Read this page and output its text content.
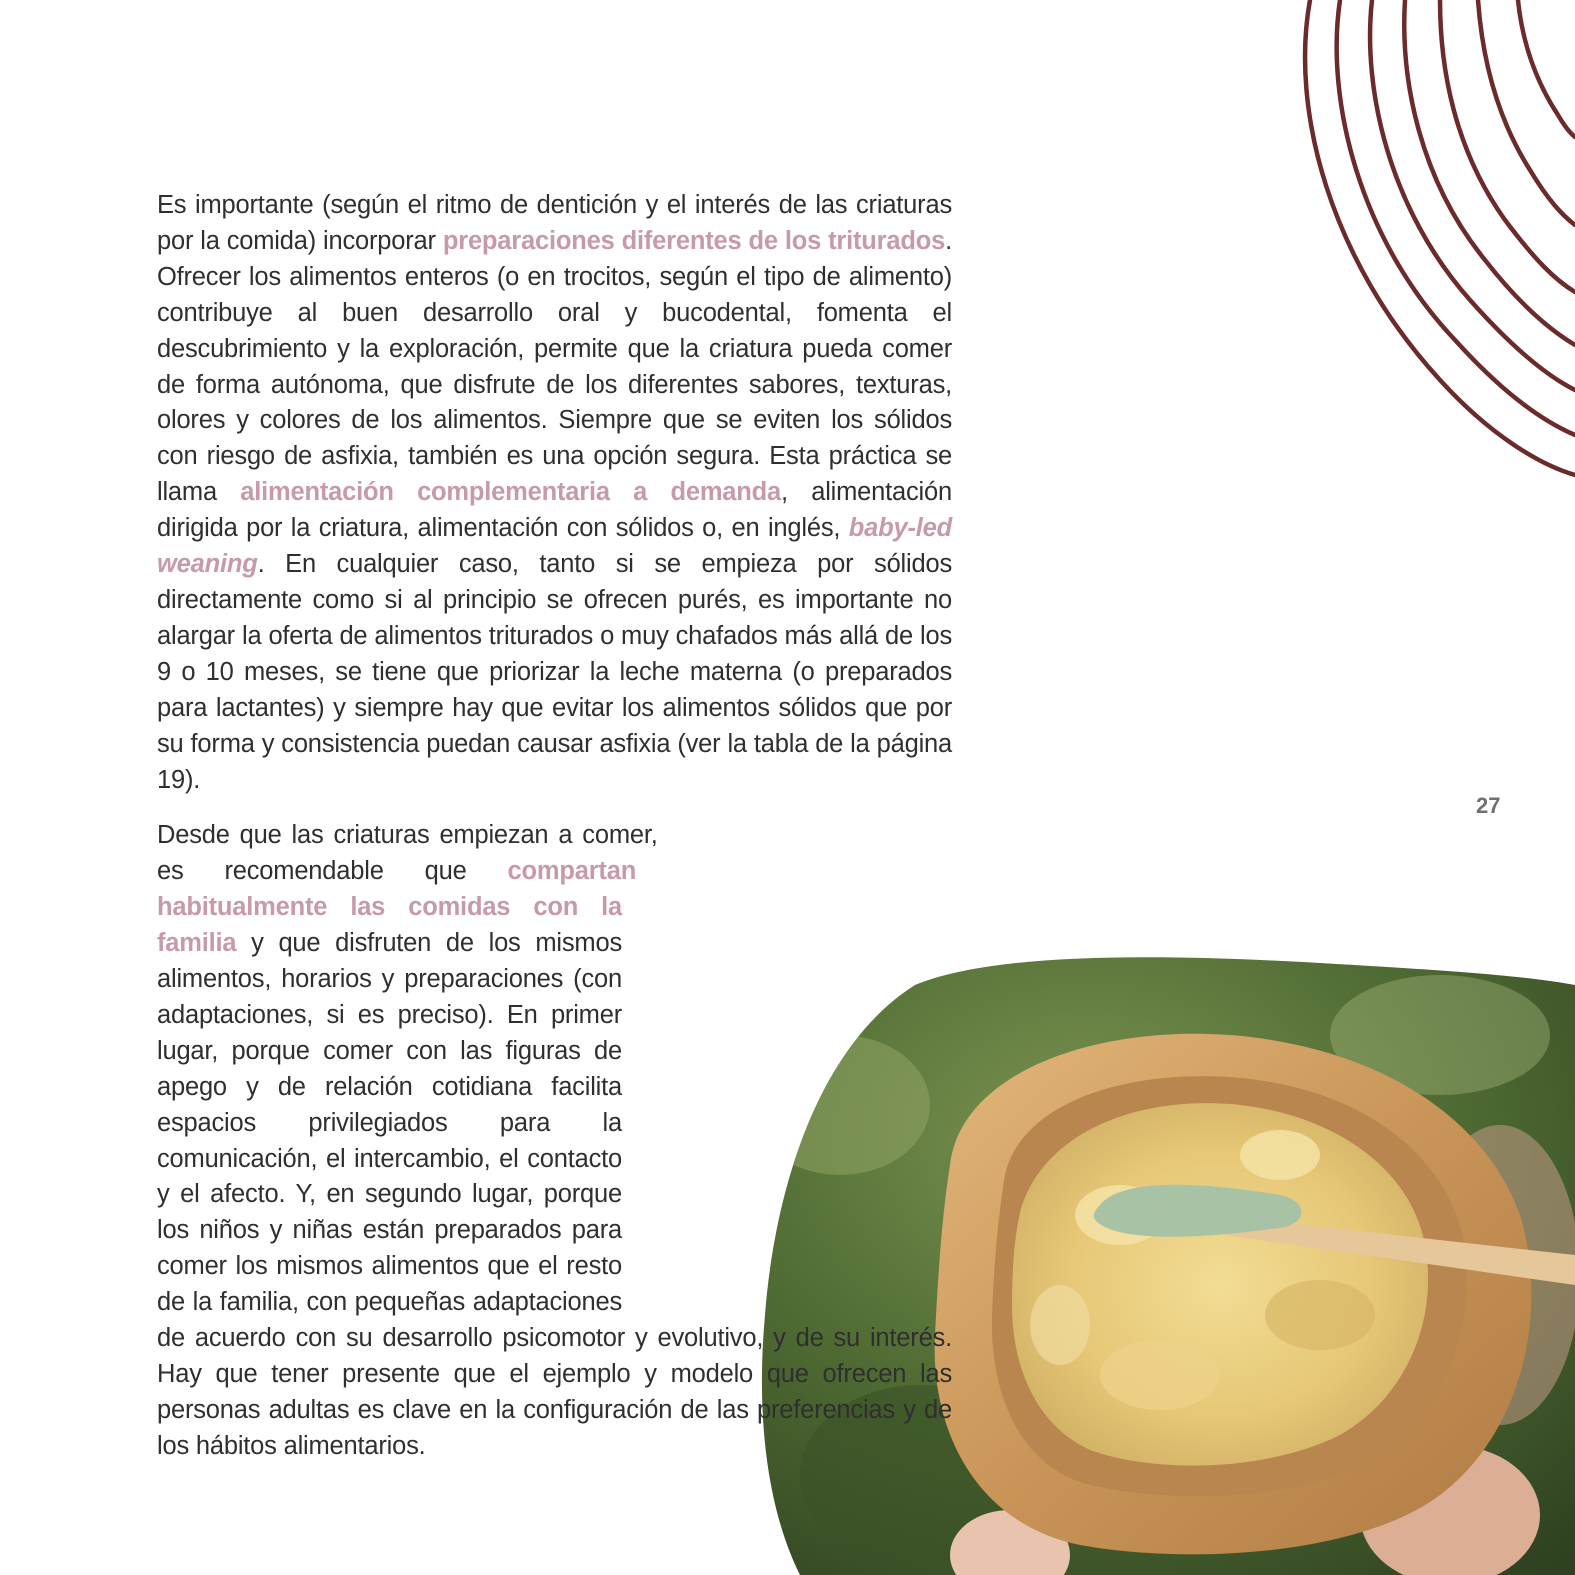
27

Es importante (según el ritmo de dentición y el interés de las criaturas por la comida) incorporar preparaciones diferentes de los triturados. Ofrecer los alimentos enteros (o en trocitos, según el tipo de alimento) contribuye al buen desarrollo oral y bucodental, fomenta el descubrimiento y la exploración, permite que la criatura pueda comer de forma autónoma, que disfrute de los diferentes sabores, texturas, olores y colores de los alimentos. Siempre que se eviten los sólidos con riesgo de asfixia, también es una opción segura. Esta práctica se llama alimentación complementaria a demanda, alimentación dirigida por la criatura, alimentación con sólidos o, en inglés, baby-led weaning. En cualquier caso, tanto si se empieza por sólidos directamente como si al principio se ofrecen purés, es importante no alargar la oferta de alimentos triturados o muy chafados más allá de los 9 o 10 meses, se tiene que priorizar la leche materna (o preparados para lactantes) y siempre hay que evitar los alimentos sólidos que por su forma y consistencia puedan causar asfixia (ver la tabla de la página 19).

Desde que las criaturas empiezan a comer, es recomendable que compartan habitualmente las comidas con la familia y que disfruten de los mismos alimentos, horarios y preparaciones (con adaptaciones, si es preciso). En primer lugar, porque comer con las figuras de apego y de relación cotidiana facilita espacios privilegiados para la comunicación, el intercambio, el contacto y el afecto. Y, en segundo lugar, porque los niños y niñas están preparados para comer los mismos alimentos que el resto de la familia, con pequeñas adaptaciones de acuerdo con su desarrollo psicomotor y evolutivo, y de su interés. Hay que tener presente que el ejemplo y modelo que ofrecen las personas adultas es clave en la configuración de las preferencias y de los hábitos alimentarios.
